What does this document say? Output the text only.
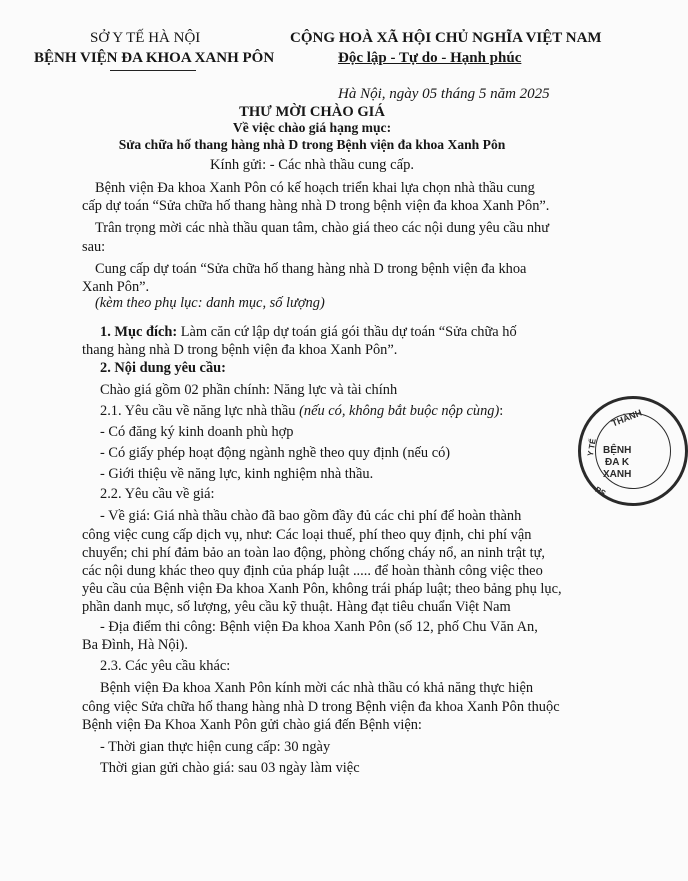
SỞ Y TẾ HÀ NỘI
BỆNH VIỆN ĐA KHOA XANH PÔN
CỘNG HOÀ XÃ HỘI CHỦ NGHĨA VIỆT NAM
Độc lập - Tự do - Hạnh phúc
Hà Nội, ngày 05 tháng 5 năm 2025
THƯ MỜI CHÀO GIÁ
Về việc chào giá hạng mục:
Sửa chữa hố thang hàng nhà D trong Bệnh viện đa khoa Xanh Pôn
Kính gửi: - Các nhà thầu cung cấp.
Bệnh viện Đa khoa Xanh Pôn có kế hoạch triển khai lựa chọn nhà thầu cung
cấp dự toán “Sửa chữa hố thang hàng nhà D trong bệnh viện đa khoa Xanh Pôn”.
Trân trọng mời các nhà thầu quan tâm, chào giá theo các nội dung yêu cầu như
sau:
Cung cấp dự toán “Sửa chữa hố thang hàng nhà D trong bệnh viện đa khoa
Xanh Pôn”.
(kèm theo phụ lục: danh mục, số lượng)
1. Mục đích: Làm căn cứ lập dự toán giá gói thầu dự toán “Sửa chữa hố
thang hàng nhà D trong bệnh viện đa khoa Xanh Pôn”.
2. Nội dung yêu cầu:
Chào giá gồm 02 phần chính: Năng lực và tài chính
2.1. Yêu cầu về năng lực nhà thầu (nếu có, không bắt buộc nộp cùng):
- Có đăng ký kinh doanh phù hợp
- Có giấy phép hoạt động ngành nghề theo quy định (nếu có)
- Giới thiệu về năng lực, kinh nghiệm nhà thầu.
2.2. Yêu cầu về giá:
- Về giá: Giá nhà thầu chào đã bao gồm đầy đủ các chi phí để hoàn thành
công việc cung cấp dịch vụ, như: Các loại thuế, phí theo quy định, chi phí vận
chuyển; chi phí đảm bảo an toàn lao động, phòng chống cháy nổ, an ninh trật tự,
các nội dung khác theo quy định của pháp luật ..... để hoàn thành công việc theo
yêu cầu của Bệnh viện Đa khoa Xanh Pôn, không trái pháp luật; theo bảng phụ lục,
phần danh mục, số lượng, yêu cầu kỹ thuật. Hàng đạt tiêu chuẩn Việt Nam
- Địa điểm thi công: Bệnh viện Đa khoa Xanh Pôn (số 12, phố Chu Văn An,
Ba Đình, Hà Nội).
2.3. Các yêu cầu khác:
Bệnh viện Đa khoa Xanh Pôn kính mời các nhà thầu có khả năng thực hiện
công việc Sửa chữa hố thang hàng nhà D trong Bệnh viện đa khoa Xanh Pôn thuộc
Bệnh viện Đa Khoa Xanh Pôn gửi chào giá đến Bệnh viện:
- Thời gian thực hiện cung cấp: 30 ngày
Thời gian gửi chào giá: sau 03 ngày làm việc
THÀNH
Y TẾ BỆNH
ĐA K
XANH
PS
